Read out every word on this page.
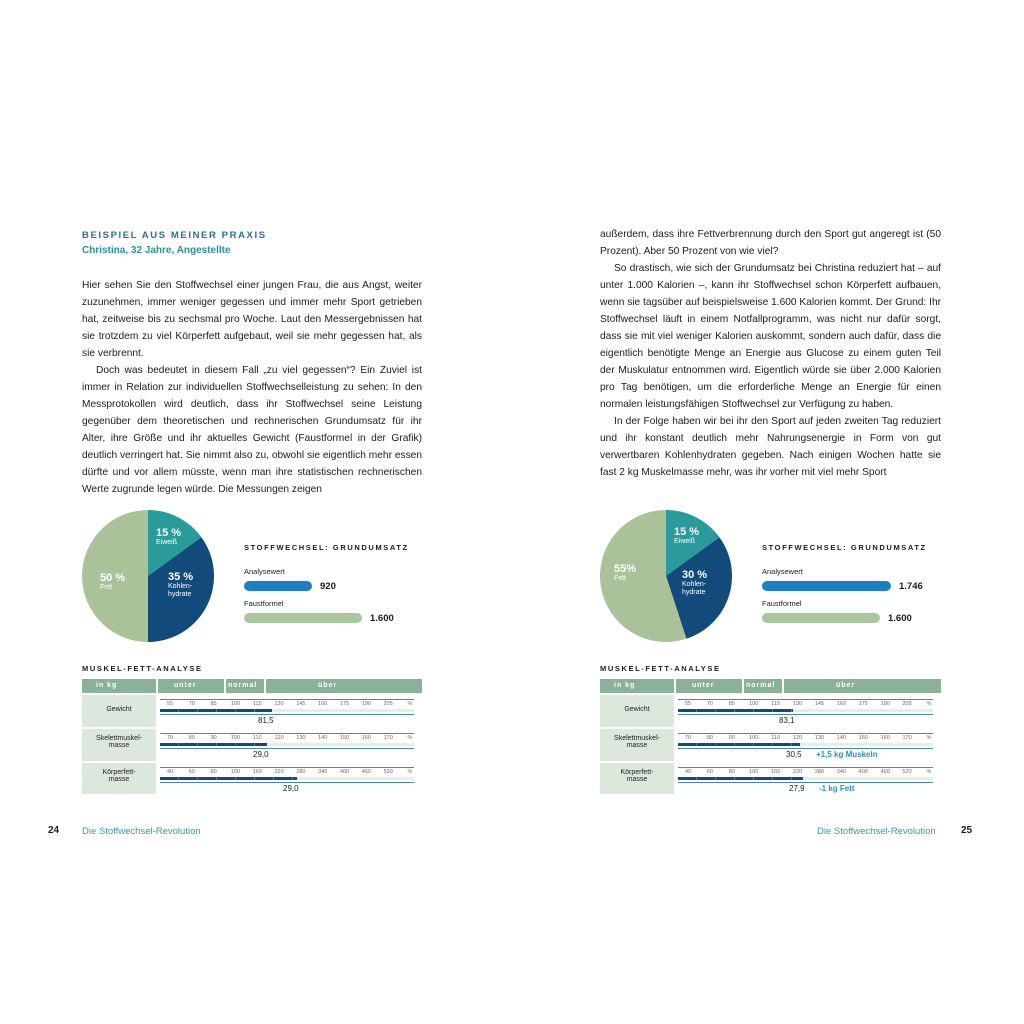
BEISPIEL AUS MEINER PRAXIS
Christina, 32 Jahre, Angestellte

Hier sehen Sie den Stoffwechsel einer jungen Frau, die aus Angst, weiter zuzunehmen, immer weniger gegessen und immer mehr Sport getrieben hat, zeitweise bis zu sechsmal pro Woche. Laut den Messergebnissen hat sie trotzdem zu viel Körperfett aufgebaut, weil sie mehr gegessen hat, als sie verbrennt.

Doch was bedeutet in diesem Fall „zu viel gegessen“? Ein Zuviel ist immer in Relation zur individuellen Stoffwechselleistung zu sehen: In den Messprotokollen wird deutlich, dass ihr Stoffwechsel seine Leistung gegenüber dem theoretischen und rechnerischen Grundumsatz für ihr Alter, ihre Größe und ihr aktuelles Gewicht (Faustformel in der Grafik) deutlich verringert hat. Sie nimmt also zu, obwohl sie eigentlich mehr essen dürfte und vor allem müsste, wenn man ihre statistischen rechnerischen Werte zugrunde legen würde. Die Messungen zeigen

15 %
Eiweiß
35 %
Kohlen-
hydrate
50 %
Fett
STOFFWECHSEL: GRUNDUMSATZ
Analysewert
920
Faustformel
1.600
MUSKEL-FETT-ANALYSE
in kg	unter	normal	über
Gewicht
55	70	85	100 115 130 145 160 175 190 205	%
81,5
Skelettmuskel-
masse
70	80	90	100 110 120 130 140 150 160 170	%
29,0
Körperfett-
masse
40	60	80	100 160 220 280 340 400 460 520	%
29,0
24 Die Stoffwechsel-Revolution

außerdem, dass ihre Fettverbrennung durch den Sport gut angeregt ist (50 Prozent). Aber 50 Prozent von wie viel?

So drastisch, wie sich der Grundumsatz bei Christina reduziert hat – auf unter 1.000 Kalorien –, kann ihr Stoffwechsel schon Körperfett aufbauen, wenn sie tagsüber auf beispielsweise 1.600 Kalorien kommt. Der Grund: Ihr Stoffwechsel läuft in einem Notfallprogramm, was nicht nur dafür sorgt, dass sie mit viel weniger Kalorien auskommt, sondern auch dafür, dass die eigentlich benötigte Menge an Energie aus Glucose zu einem guten Teil der Muskulatur entnommen wird. Eigentlich würde sie über 2.000 Kalorien pro Tag benötigen, um die erforderliche Menge an Energie für einen normalen leistungsfähigen Stoffwechsel zur Verfügung zu haben.

In der Folge haben wir bei ihr den Sport auf jeden zweiten Tag reduziert und ihr konstant deutlich mehr Nahrungsenergie in Form von gut verwertbaren Kohlenhydraten gegeben. Nach einigen Wochen hatte sie fast 2 kg Muskelmasse mehr, was ihr vorher mit viel mehr Sport

15 %
Eiweiß
30 %
Kohlen-
hydrate
55%
Fett
STOFFWECHSEL: GRUNDUMSATZ
Analysewert
1.746
Faustformel
1.600
MUSKEL-FETT-ANALYSE
in kg	unter	normal	über
Gewicht
55	70	85	100 115 130 145 160 175 190 205	%
83,1
Skelettmuskel-
masse
70	80	90	100 110 120 130 140 150 160 170	%
30,5 +1,5 kg Muskeln
Körperfett-
masse
40	60	80	100 160 220 280 340 400 460 520	%
27,9 -1 kg Fett
Die Stoffwechsel-Revolution	25
